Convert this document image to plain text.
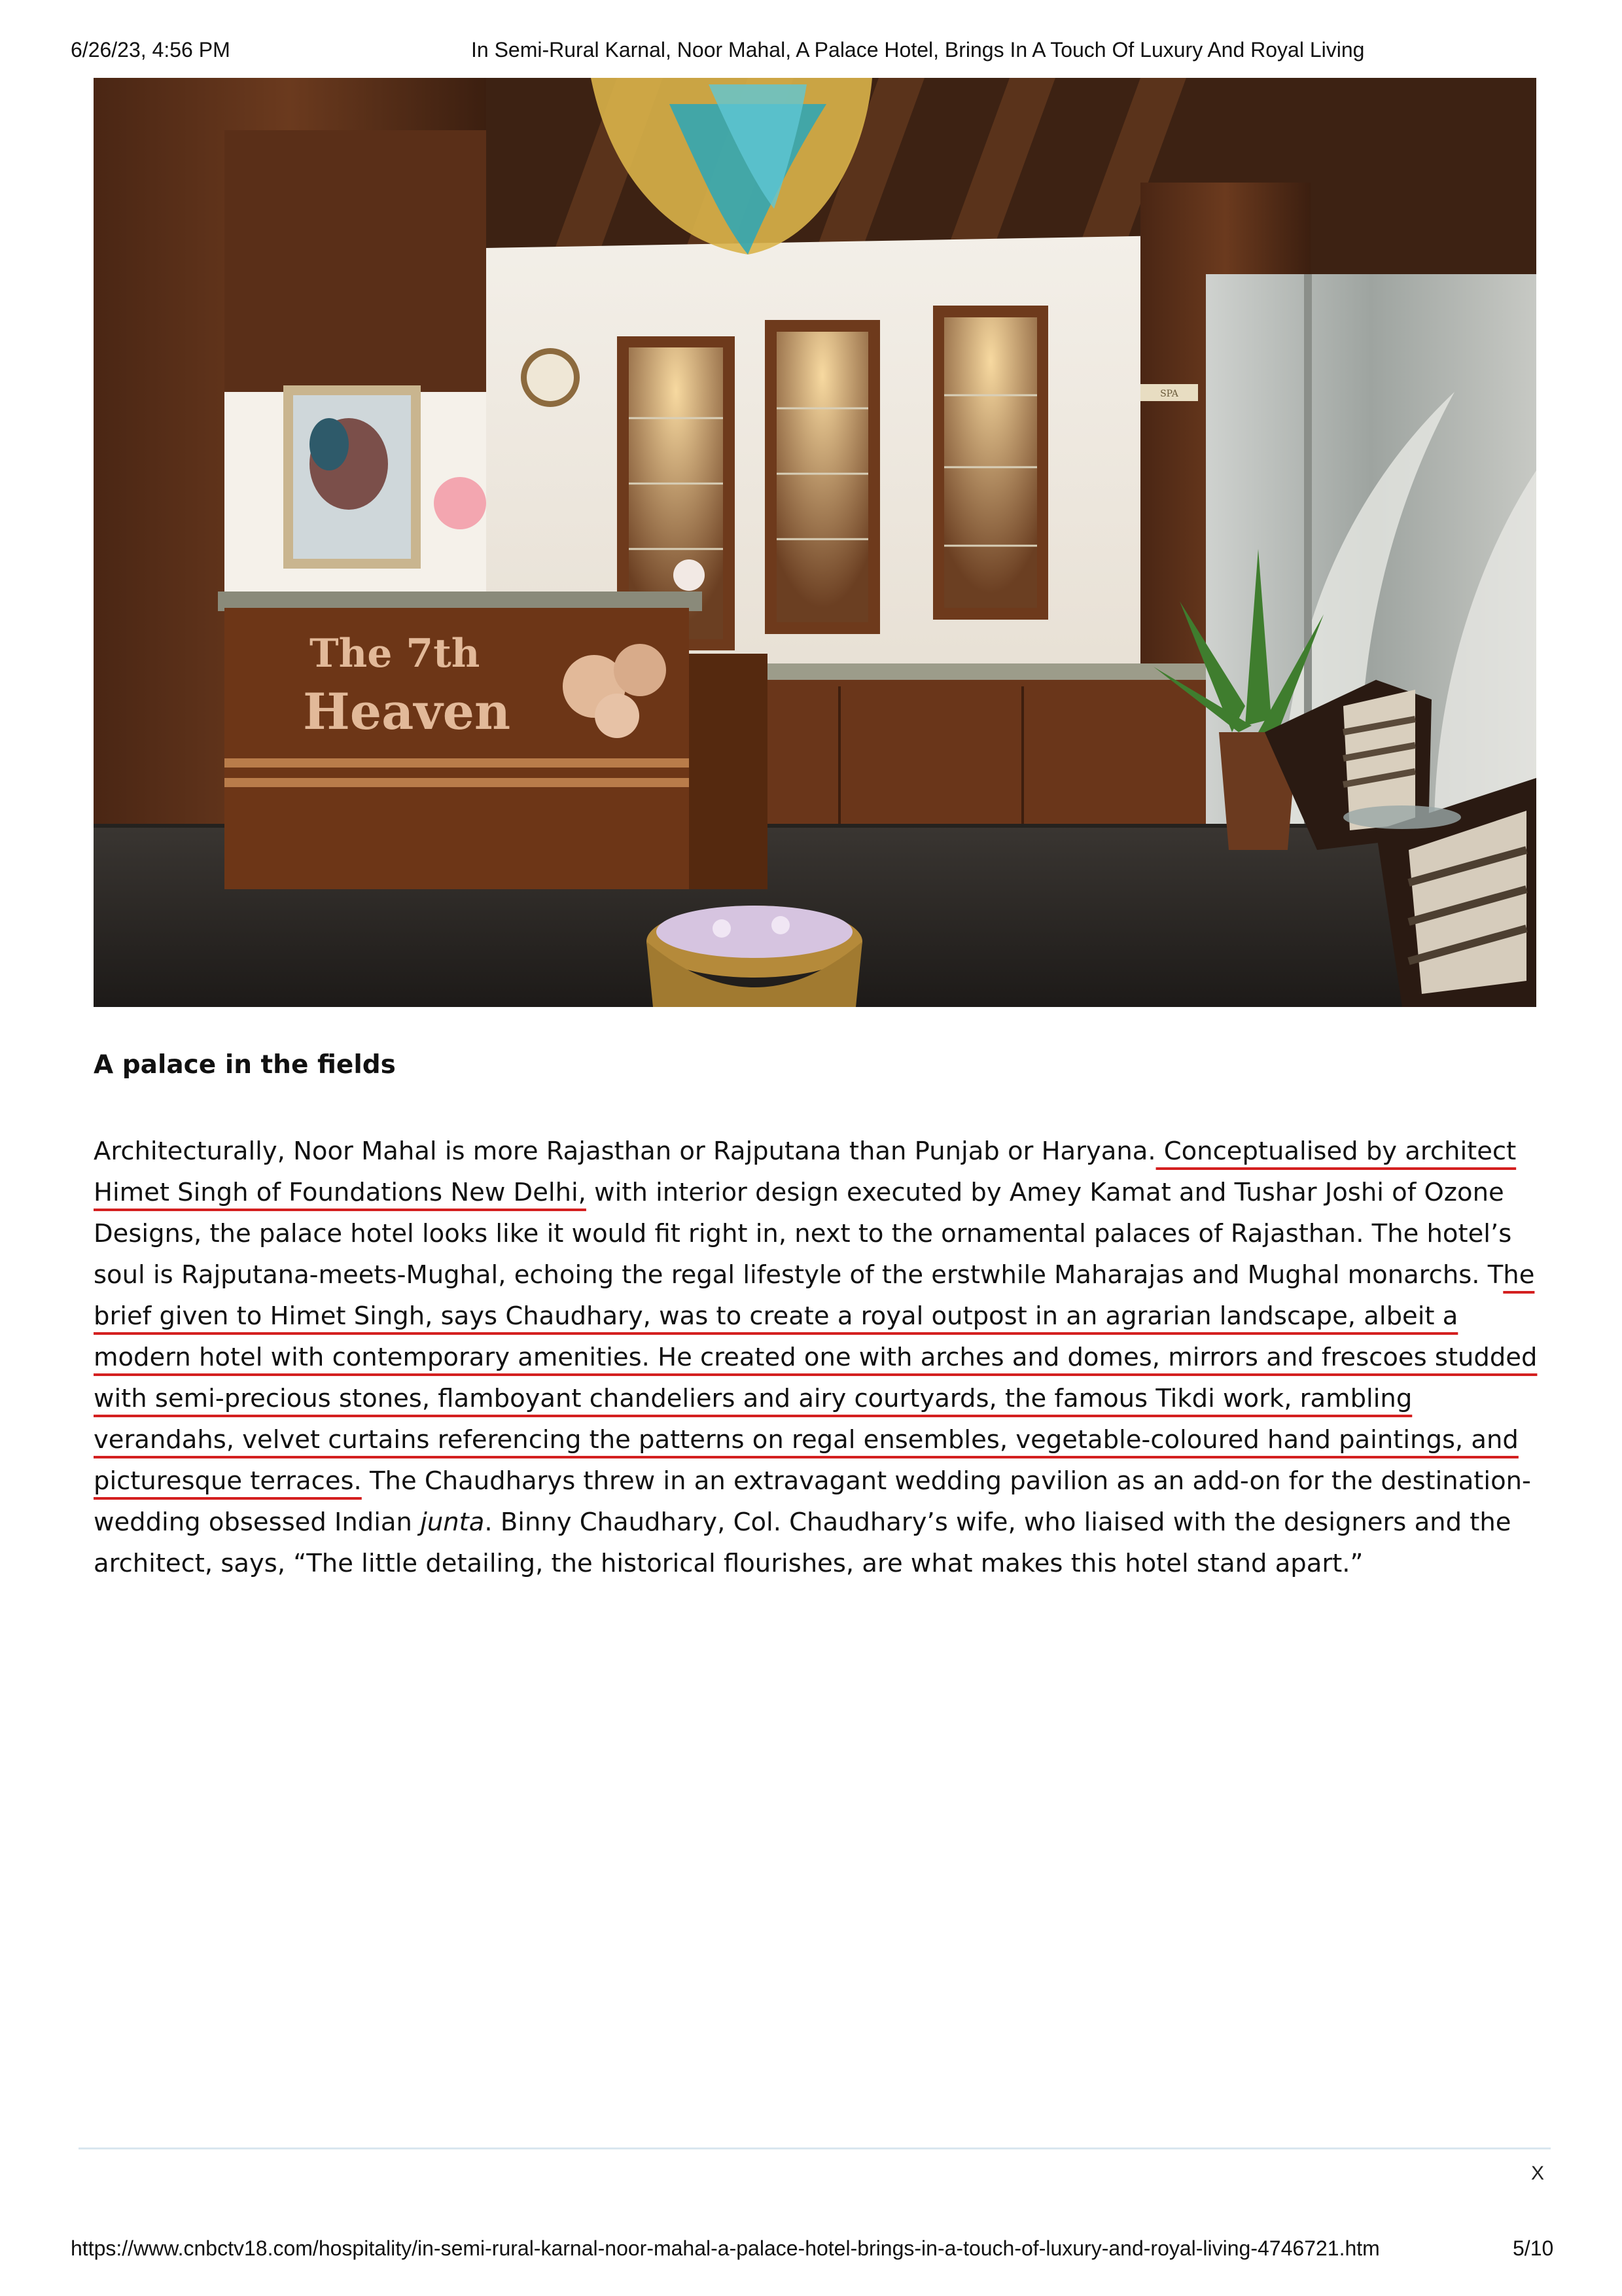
6/26/23, 4:56 PM	In Semi-Rural Karnal, Noor Mahal, A Palace Hotel, Brings In A Touch Of Luxury And Royal Living
SPA
The 7th
Heaven
A palace in the fields

Architecturally, Noor Mahal is more Rajasthan or Rajputana than Punjab or Haryana. Conceptualised by architect Himet Singh of Foundations New Delhi, with interior design executed by Amey Kamat and Tushar Joshi of Ozone Designs, the palace hotel looks like it would fit right in, next to the ornamental palaces of Rajasthan. The hotel’s soul is Rajputana-meets-Mughal, echoing the regal lifestyle of the erstwhile Maharajas and Mughal monarchs. The brief given to Himet Singh, says Chaudhary, was to create a royal outpost in an agrarian landscape, albeit a modern hotel with contemporary amenities. He created one with arches and domes, mirrors and frescoes studded with semi-precious stones, flamboyant chandeliers and airy courtyards, the famous Tikdi work, rambling verandahs, velvet curtains referencing the patterns on regal ensembles, vegetable-coloured hand paintings, and picturesque terraces. The Chaudharys threw in an extravagant wedding pavilion as an add-on for the destination-wedding obsessed Indian junta. Binny Chaudhary, Col. Chaudhary’s wife, who liaised with the designers and the architect, says, “The little detailing, the historical flourishes, are what makes this hotel stand apart.”

X
https://www.cnbctv18.com/hospitality/in-semi-rural-karnal-noor-mahal-a-palace-hotel-brings-in-a-touch-of-luxury-and-royal-living-4746721.htm	5/10
